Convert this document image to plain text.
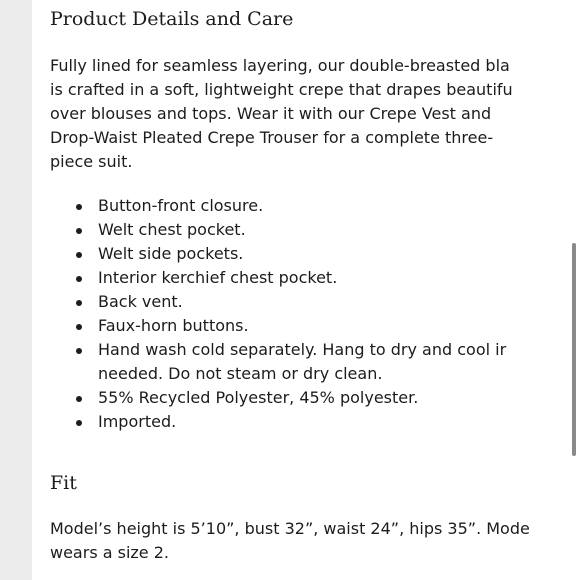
Product Details and Care
Fully lined for seamless layering, our double-breasted bla
is crafted in a soft, lightweight crepe that drapes beautifu
over blouses and tops. Wear it with our Crepe Vest and
Drop-Waist Pleated Crepe Trouser for a complete three-
piece suit.
Button-front closure.
Welt chest pocket.
Welt side pockets.
Interior kerchief chest pocket.
Back vent.
Faux-horn buttons.
Hand wash cold separately. Hang to dry and cool ir
needed. Do not steam or dry clean.
55% Recycled Polyester, 45% polyester.
Imported.
Fit
Model’s height is 5’10”, bust 32”, waist 24”, hips 35”. Mode
wears a size 2.
